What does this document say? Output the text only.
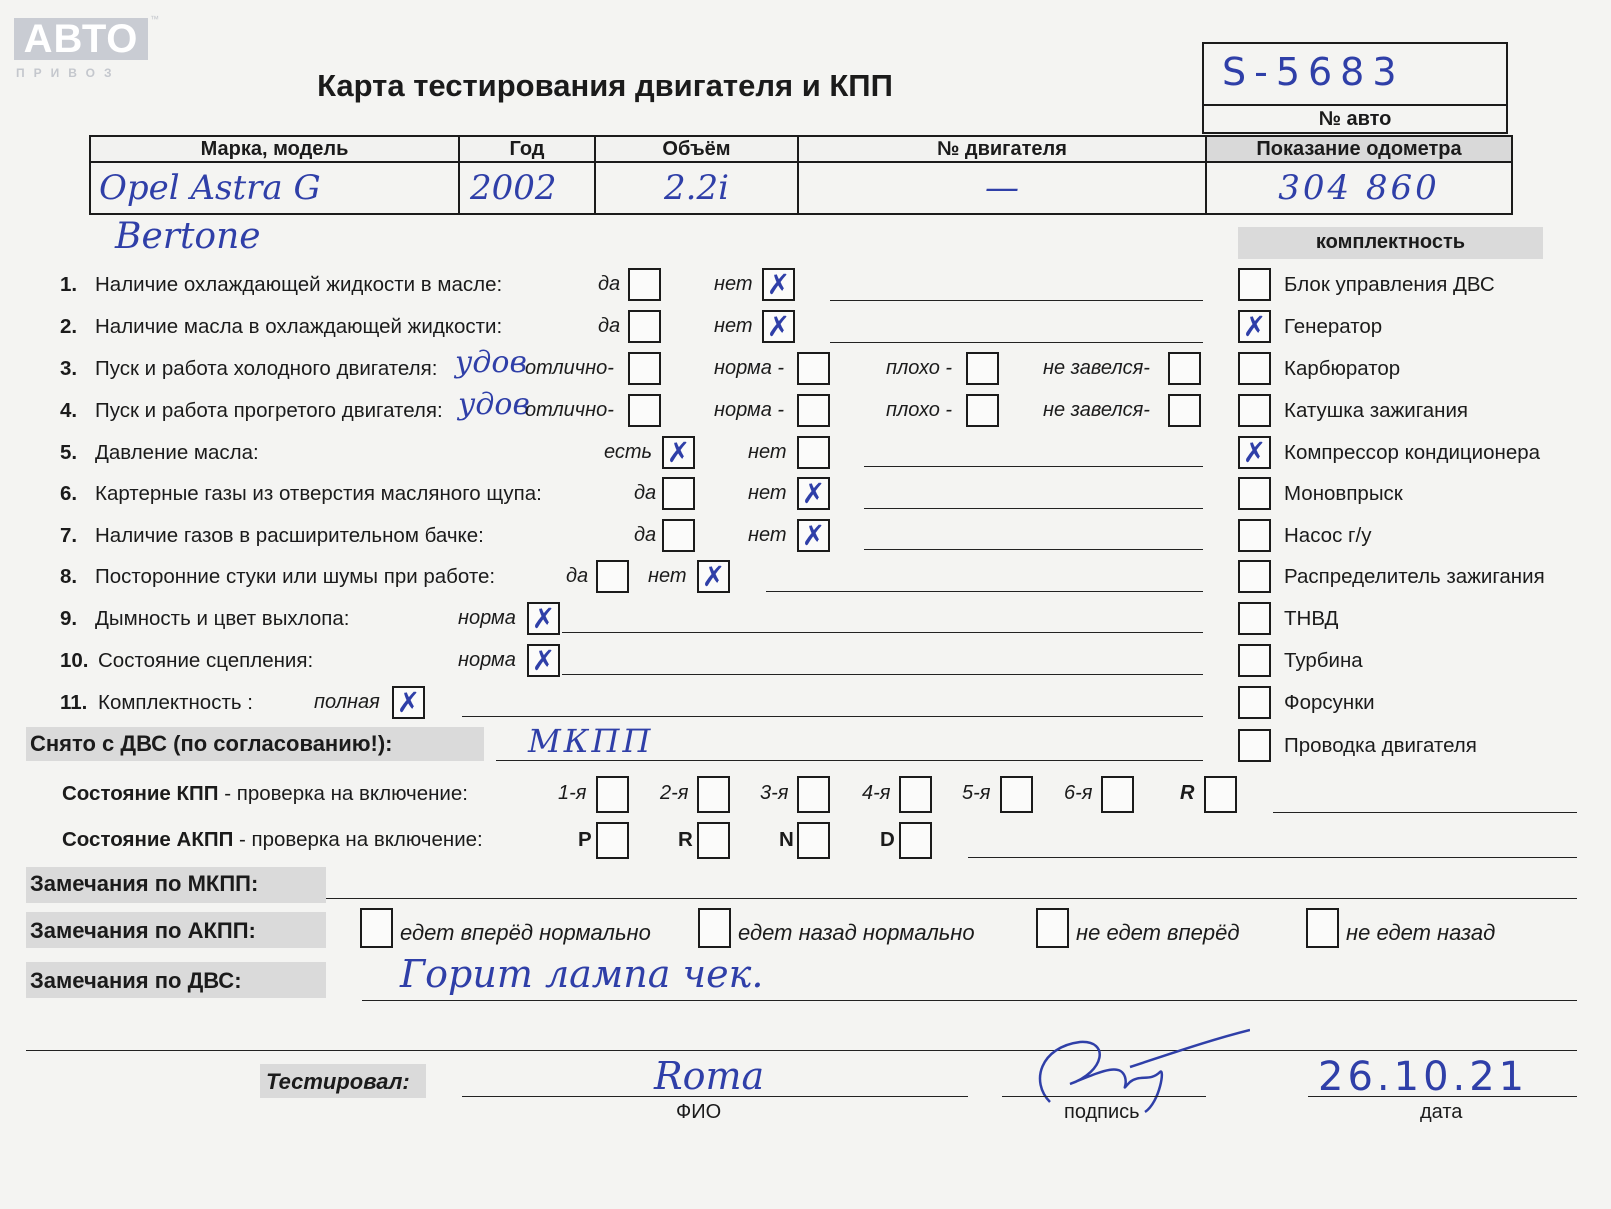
АВТО
ПРИВОЗ
™
Карта тестирования двигателя и КПП	S-5683
№ авто
Марка, модель	Год	Объём	№ двигателя	Показание одометра
Opel Astra G	2002	2.2i	—	304 860
Bertone	комплектность
Блок управления ДВС
✗ Генератор
Карбюратор
Катушка зажигания
✗ Компрессор кондиционера
Моновпрыск
Насос г/у
Распределитель зажигания
ТНВД
Турбина
Форсунки
Проводка двигателя
1. Наличие охлаждающей жидкости в масле:	да	нет ✗
2. Наличие масла в охлаждающей жидкости:	да	нет ✗
3. Пуск и работа холодного двигателя: удов
отлично-	норма -	плохо -	не завелся-
4. Пуск и работа прогретого двигателя: удов
отлично-	норма -	плохо -	не завелся-
5. Давление масла:	есть ✗	нет
6. Картерные газы из отверстия масляного щупа:	да	нет ✗
7. Наличие газов в расширительном бачке:	да	нет ✗
8. Посторонние стуки или шумы при работе:	да	нет ✗
9. Дымность и цвет выхлопа:	норма ✗
10. Состояние сцепления:	норма ✗
11. Комплектность :	полная ✗
Снято с ДВС (по согласованию!):	МКПП
Состояние КПП - проверка на включение:	1-я	2-я	3-я	4-я	5-я	6-я	R
Состояние АКПП - проверка на включение:	P	R	N	D
Замечания по МКПП:
Замечания по АКПП:	едет вперёд нормально	едет назад нормально	не едет вперёд	не едет назад
Замечания по ДВС:	Горит лампа чек.
Тестировал:	Roma
ФИО	подпись
26.10.21
дата
